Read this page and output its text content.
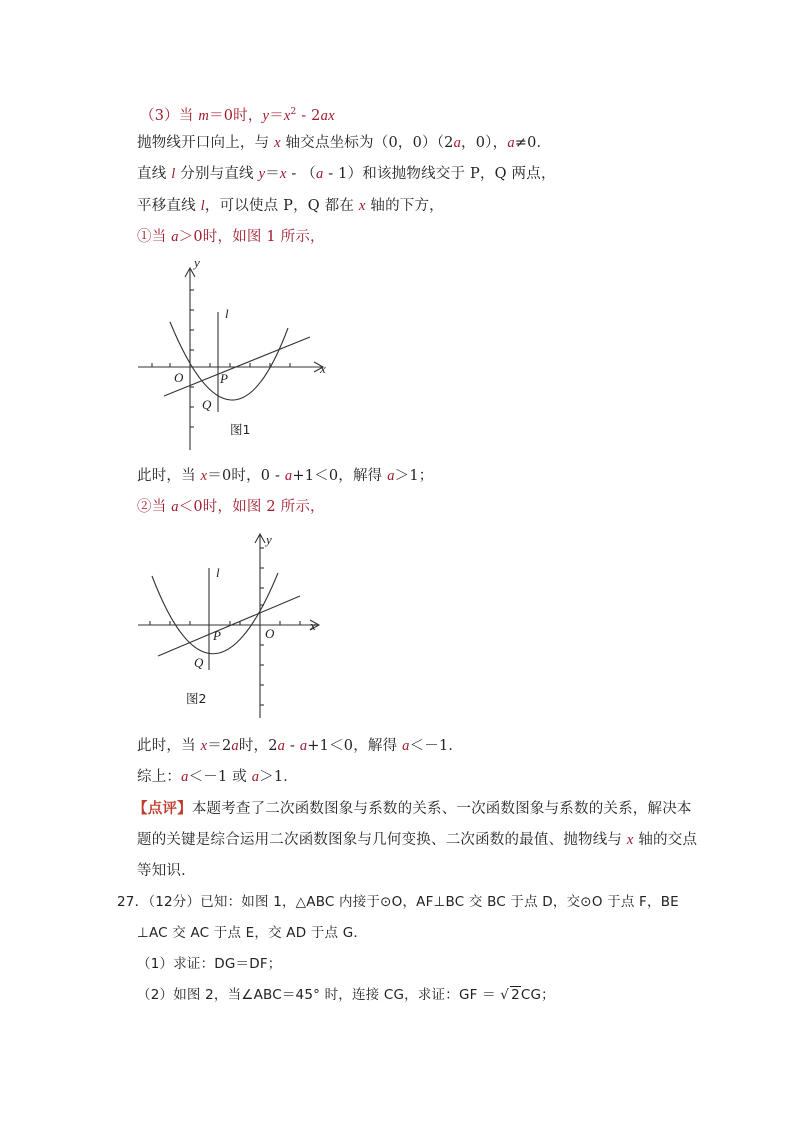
（3）当 m＝0时，$y=x^2 - 2ax$
抛物线开口向上，与 x 轴交点坐标为（0，0）（2a，0），a≠0．
直线 l 分别与直线 y＝x - （a - 1）和该抛物线交于 P，Q 两点，
平移直线 l，可以使点 P，Q 都在 x 轴的下方，
①当 a＞0时，如图 1 所示，
y
x
l
O	P
Q
图1
此时，当 x＝0时，0 - a+1＜0，解得 a＞1；
②当 a＜0时，如图 2 所示，
y
x
l
O
P
Q
图2
此时，当 x＝2a时，2a - a+1＜0，解得 a＜－1．
综上：a＜－1 或 a＞1．
【点评】本题考查了二次函数图象与系数的关系、一次函数图象与系数的关系，解决本
题的关键是综合运用二次函数图象与几何变换、二次函数的最值、抛物线与 x 轴的交点
等知识．
27．（12分）已知：如图 1，△ABC 内接于⊙O，AF⊥BC 交 BC 于点 D，交⊙O 于点 F，BE
⊥AC 交 AC 于点 E，交 AD 于点 G．
（1）求证：DG＝DF；
（2）如图 2，当∠ABC＝45° 时，连接 CG，求证：GF ＝ √ 2CG；
